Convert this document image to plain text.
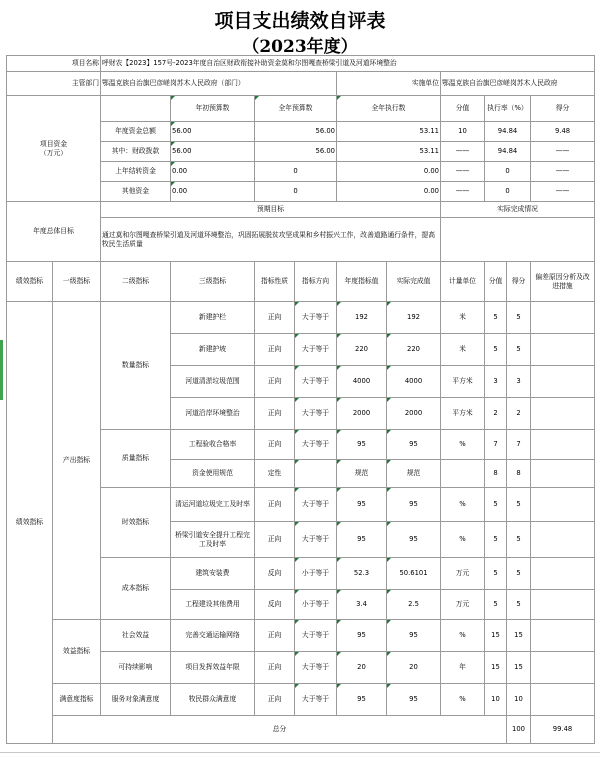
项目支出绩效自评表
（2023年度）
项目名称		呼财农【2023】157号-2023年度自治区财政衔接补助资金莫和尔图嘎查桥梁引道及河道环境整治										
主管部门		鄂温克族自治旗巴彦嵯岗苏木人民政府（部门）				实施单位		鄂温克族自治旗巴彦嵯岗苏木人民政府				
项目资金
（万元）			年初预算数	全年预算数		全年执行数		分值	执行率（%）		得分	
		年度资金总额	56.00	56.00		53.11		10	94.84		9.48	
		其中：财政拨款	56.00	56.00		53.11		——	94.84		——	
		上年结转资金	0.00	0		0.00		——	0		——	
		其他资金	0.00	0		0.00		——	0		——	
年度总体目标		预期目标						实际完成情况				
		通过莫和尔图嘎查桥梁引道及河道环境整治，巩固拓展脱贫攻坚成果和乡村振兴工作，改善道路通行条件，提高牧民生活质量										
绩效指标	一级指标	二级指标	三级指标	指标性质	指标方向	年度指标值	实际完成值	计量单位	分值	得分	偏差原因分析及改进措施	
绩效指标	产出指标	数量指标	新建护栏	正向	大于等于	192	192	米	5	5		
			新建护坡	正向	大于等于	220	220	米	5	5		
			河道清淤垃圾范围	正向	大于等于	4000	4000	平方米	3	3		
			河道沿岸环境整治	正向	大于等于	2000	2000	平方米	2	2		
		质量指标	工程验收合格率	正向	大于等于	95	95	%	7	7		
			资金使用规范	定性		规范	规范		8	8		
		时效指标	清运河道垃圾完工及时率	正向	大于等于	95	95	%	5	5		
			桥梁引道安全提升工程完工及时率	正向	大于等于	95	95	%	5	5		
		成本指标	建筑安装费	反向	小于等于	52.3	50.6101	万元	5	5		
			工程建设其他费用	反向	小于等于	3.4	2.5	万元	5	5		
	效益指标	社会效益	完善交通运输网络	正向	大于等于	95	95	%	15	15		
		可持续影响	项目发挥效益年限	正向	大于等于	20	20	年	15	15		
	满意度指标	服务对象满意度	牧民群众满意度	正向	大于等于	95	95	%	10	10		
	总分									100	99.48	
